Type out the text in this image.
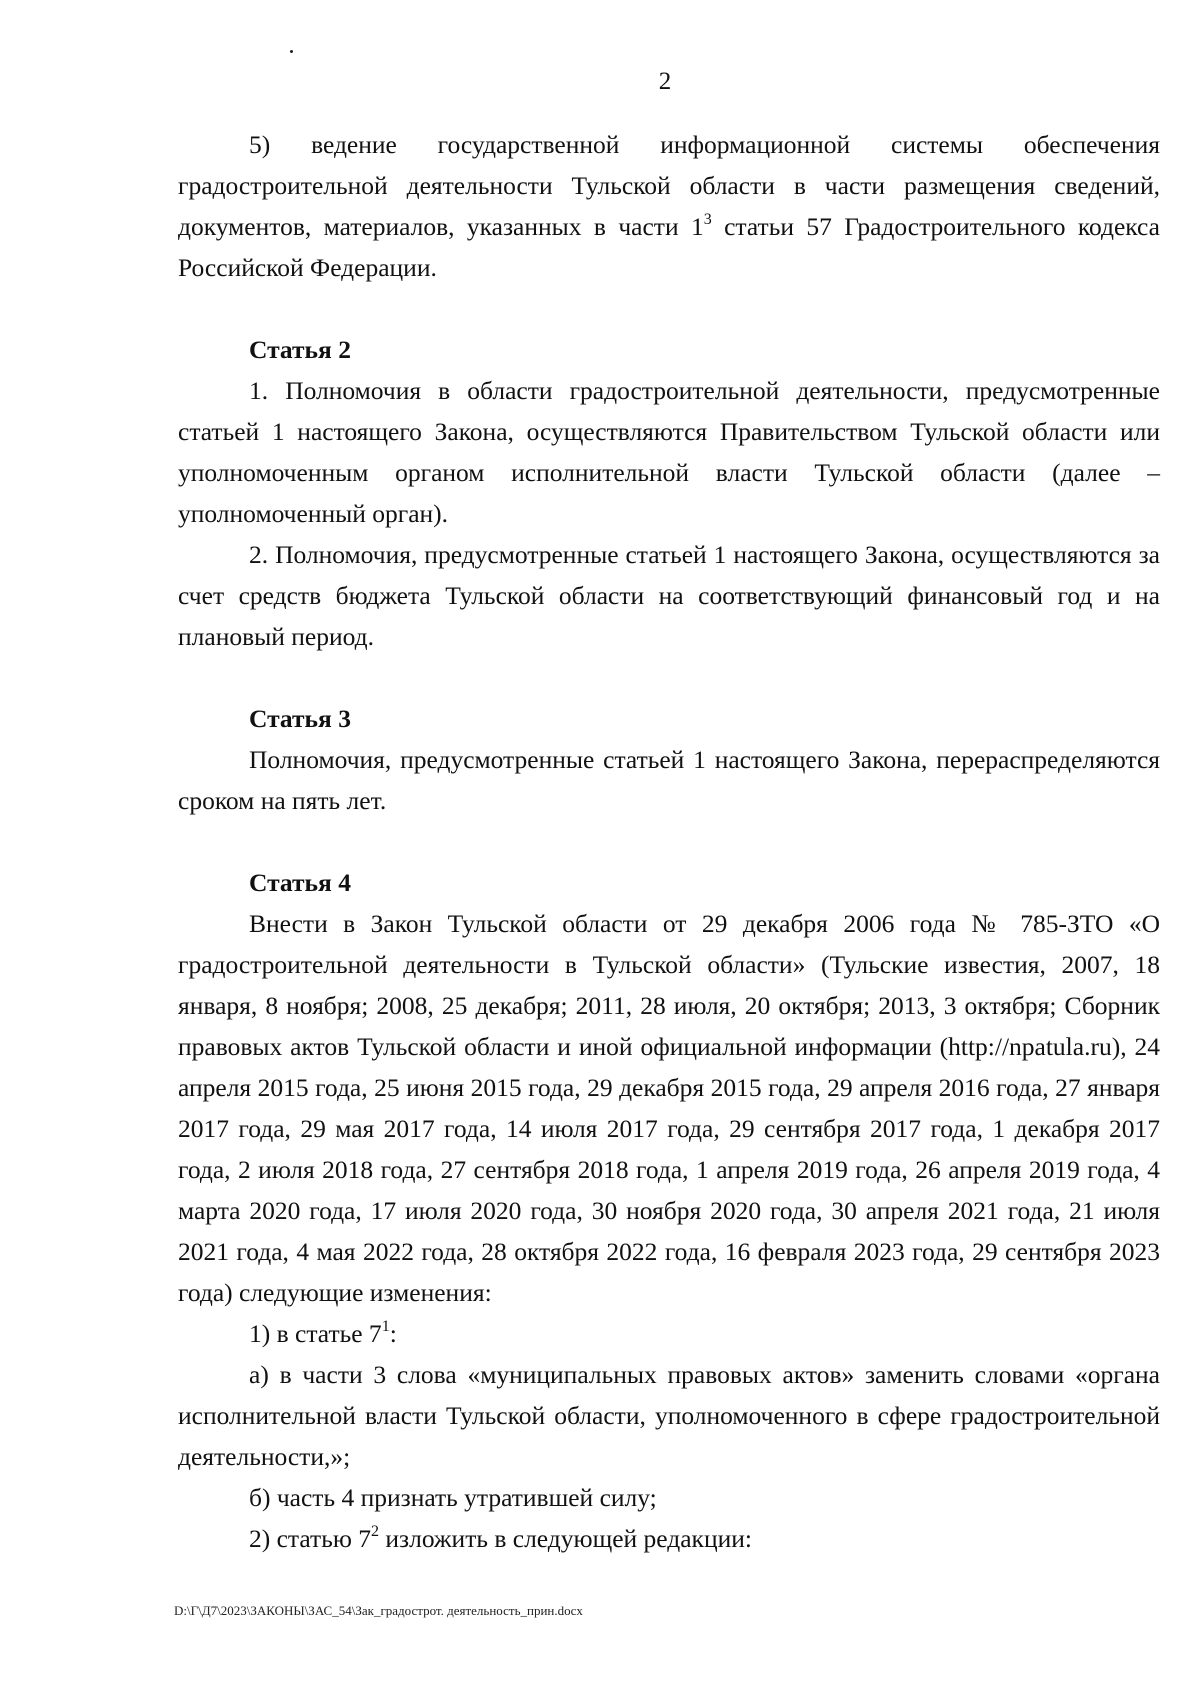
2

5) ведение государственной информационной системы обеспечения градостроительной деятельности Тульской области в части размещения сведений, документов, материалов, указанных в части $1^3$ статьи 57 Градостроительного кодекса Российской Федерации.

Статья 2

1. Полномочия в области градостроительной деятельности, предусмотренные статьей 1 настоящего Закона, осуществляются Правительством Тульской области или уполномоченным органом исполнительной власти Тульской области (далее – уполномоченный орган).

2. Полномочия, предусмотренные статьей 1 настоящего Закона, осуществляются за счет средств бюджета Тульской области на соответствующий финансовый год и на плановый период.

Статья 3

Полномочия, предусмотренные статьей 1 настоящего Закона, перераспределяются сроком на пять лет.

Статья 4

Внести в Закон Тульской области от 29 декабря 2006 года № 785-ЗТО «О градостроительной деятельности в Тульской области» (Тульские известия, 2007, 18 января, 8 ноября; 2008, 25 декабря; 2011, 28 июля, 20 октября; 2013, 3 октября; Сборник правовых актов Тульской области и иной официальной информации (http://npatula.ru), 24 апреля 2015 года, 25 июня 2015 года, 29 декабря 2015 года, 29 апреля 2016 года, 27 января 2017 года, 29 мая 2017 года, 14 июля 2017 года, 29 сентября 2017 года, 1 декабря 2017 года, 2 июля 2018 года, 27 сентября 2018 года, 1 апреля 2019 года, 26 апреля 2019 года, 4 марта 2020 года, 17 июля 2020 года, 30 ноября 2020 года, 30 апреля 2021 года, 21 июля 2021 года, 4 мая 2022 года, 28 октября 2022 года, 16 февраля 2023 года, 29 сентября 2023 года) следующие изменения:

1) в статье $7^1$:

а) в части 3 слова «муниципальных правовых актов» заменить словами «органа исполнительной власти Тульской области, уполномоченного в сфере градостроительной деятельности,»;

б) часть 4 признать утратившей силу;

2) статью $7^2$ изложить в следующей редакции:

D:\Г\Д7\2023\ЗАКОНЫ\ЗАС_54\Зак_градострот. деятельность_прин.docx
